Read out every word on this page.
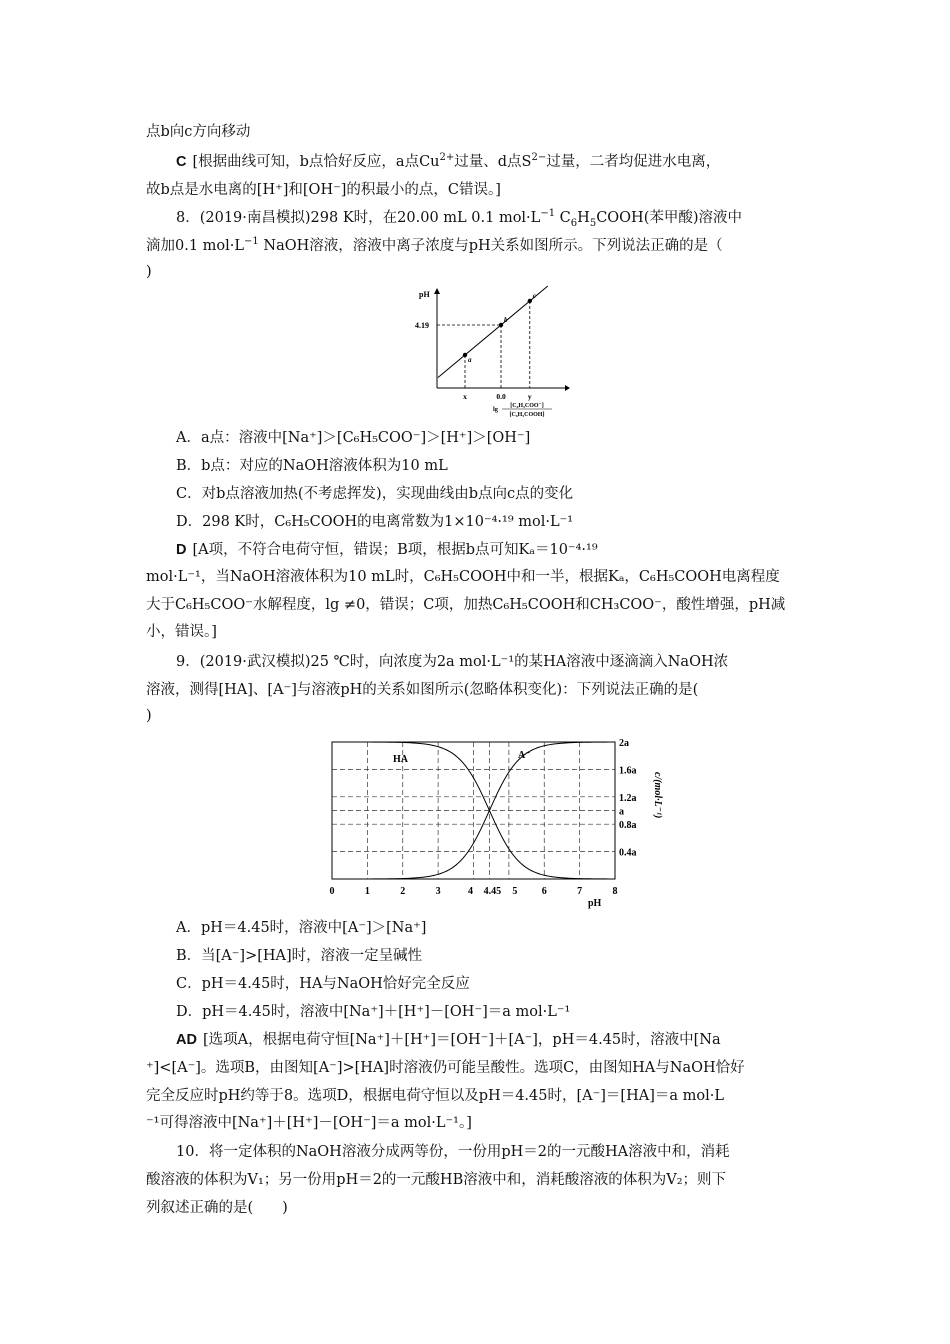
点b向c方向移动
C [根据曲线可知，b点恰好反应，a点$Cu^{2+}$过量、d点$S^{2-}$过量，二者均促进水电离，
故b点是水电离的[H⁺]和[OH⁻]的积最小的点，C错误。]
8．(2019·南昌模拟)298 K时，在20.00 mL 0.1 $mol\cdot L^{-1}$ $C_6H_5COOH$(苯甲酸)溶液中
滴加0.1 $mol\cdot L^{-1}$ NaOH溶液，溶液中离子浓度与pH关系如图所示。下列说法正确的是（
)
pH
4.19
a
b
c
x	0.0	y
lg [C₆H₅COO⁻]
[C₆H₅COOH]
A．a点：溶液中[Na⁺]＞[C₆H₅COO⁻]＞[H⁺]＞[OH⁻]
B．b点：对应的NaOH溶液体积为10 mL
C．对b点溶液加热(不考虑挥发)，实现曲线由b点向c点的变化
D．298 K时，C₆H₅COOH的电离常数为1×10⁻⁴·¹⁹ mol·L⁻¹
D [A项，不符合电荷守恒，错误；B项，根据b点可知Kₐ＝10⁻⁴·¹⁹
mol·L⁻¹，当NaOH溶液体积为10 mL时，C₆H₅COOH中和一半，根据Kₐ，C₆H₅COOH电离程度
大于C₆H₅COO⁻水解程度，lg ≠0，错误；C项，加热C₆H₅COOH和CH₃COO⁻，酸性增强，pH减
小，错误。]
9．(2019·武汉模拟)25 ℃时，向浓度为2a mol·L⁻¹的某HA溶液中逐滴滴入NaOH浓
溶液，测得[HA]、[A⁻]与溶液pH的关系如图所示(忽略体积变化)：下列说法正确的是(
)
0	1	2	3	4 4.45 5 6	7	8
2a
1.6a
1.2a
a
0.8a
0.4a
HA	A⁻
pH
c/(mol·L⁻¹)
A．pH＝4.45时，溶液中[A⁻]＞[Na⁺]
B．当[A⁻]>[HA]时，溶液一定呈碱性
C．pH＝4.45时，HA与NaOH恰好完全反应
D．pH＝4.45时，溶液中[Na⁺]＋[H⁺]－[OH⁻]＝a mol·L⁻¹
AD [选项A，根据电荷守恒[Na⁺]＋[H⁺]＝[OH⁻]＋[A⁻]，pH＝4.45时，溶液中[Na
⁺]<[A⁻]。选项B，由图知[A⁻]>[HA]时溶液仍可能呈酸性。选项C，由图知HA与NaOH恰好
完全反应时pH约等于8。选项D，根据电荷守恒以及pH＝4.45时，[A⁻]＝[HA]＝a mol·L
⁻¹可得溶液中[Na⁺]＋[H⁺]－[OH⁻]＝a mol·L⁻¹。]
10．将一定体积的NaOH溶液分成两等份，一份用pH＝2的一元酸HA溶液中和，消耗
酸溶液的体积为V₁；另一份用pH＝2的一元酸HB溶液中和，消耗酸溶液的体积为V₂；则下
列叙述正确的是(　　)
